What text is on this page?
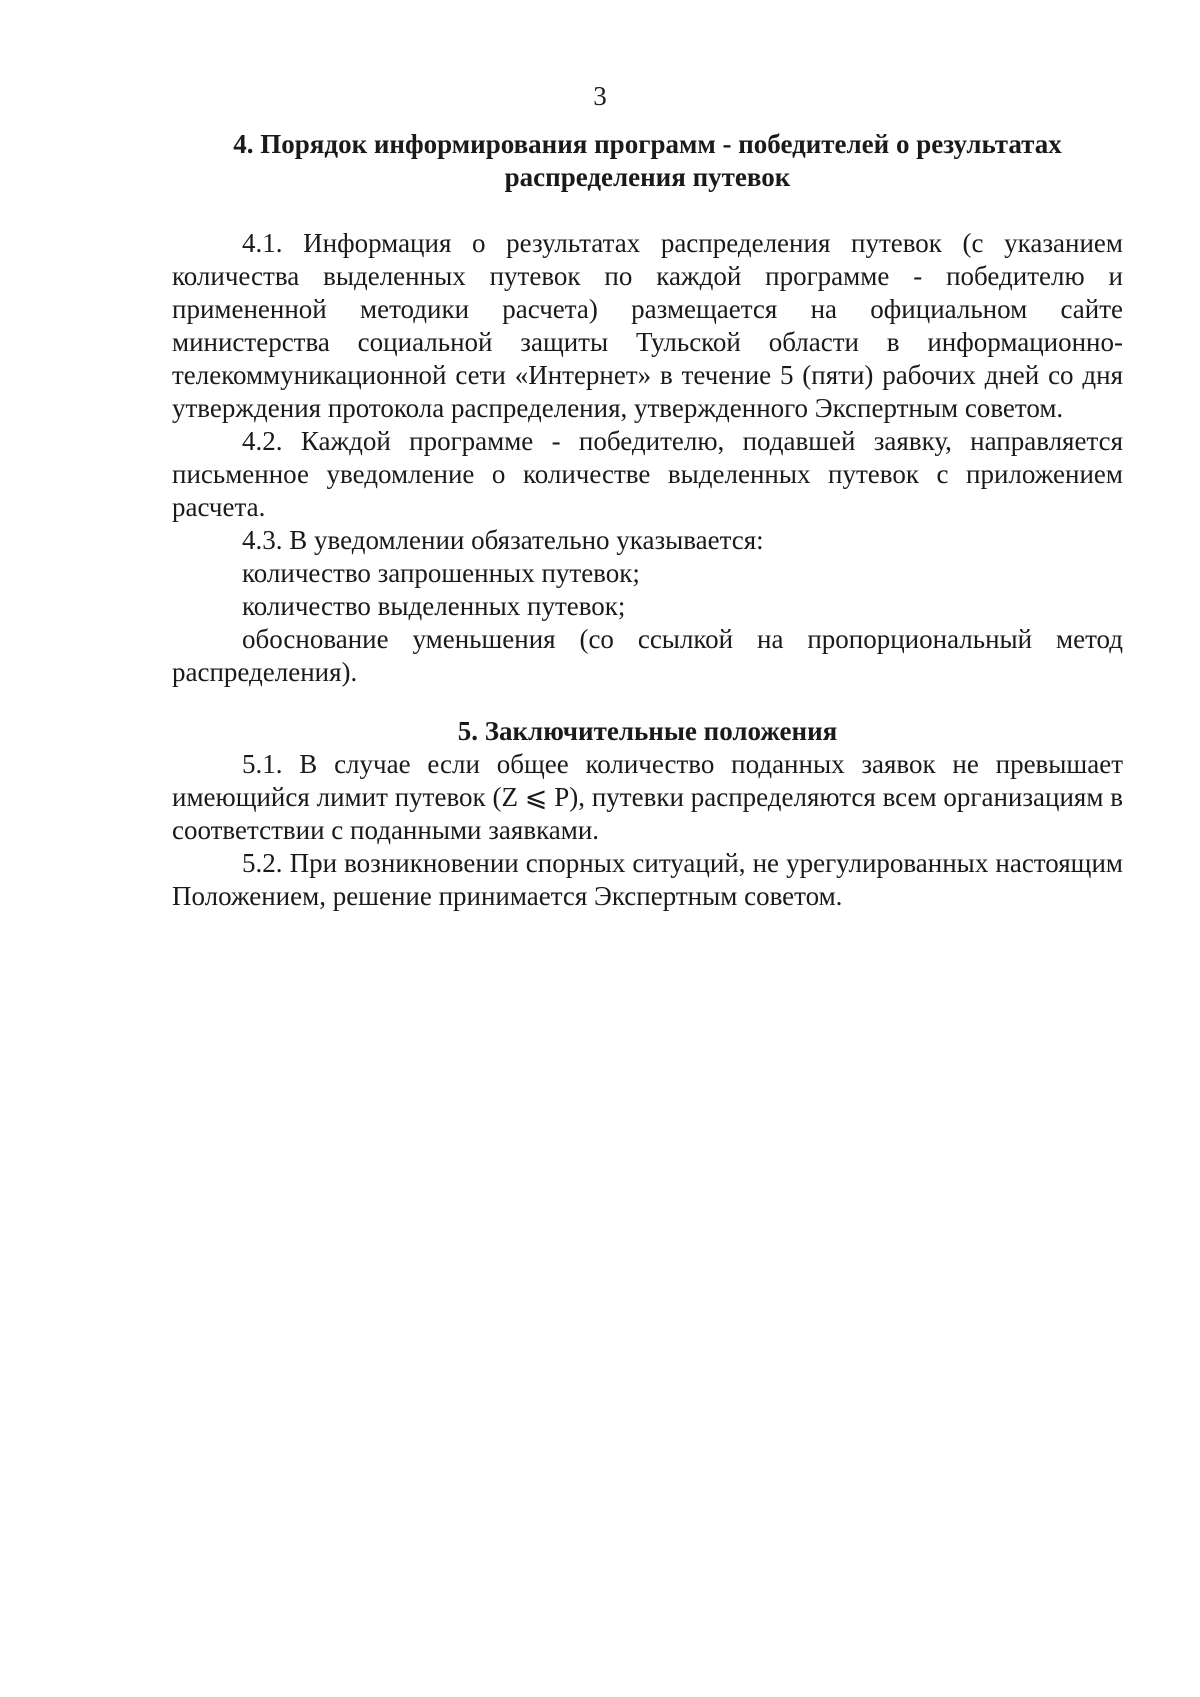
3
4. Порядок информирования программ - победителей о результатах
распределения путевок

4.1. Информация о результатах распределения путевок (с указанием количества выделенных путевок по каждой программе - победителю и примененной методики расчета) размещается на официальном сайте министерства социальной защиты Тульской области в информационно-телекоммуникационной сети «Интернет» в течение 5 (пяти) рабочих дней со дня утверждения протокола распределения, утвержденного Экспертным советом.

4.2. Каждой программе - победителю, подавшей заявку, направляется письменное уведомление о количестве выделенных путевок с приложением расчета.

4.3. В уведомлении обязательно указывается:

количество запрошенных путевок;

количество выделенных путевок;

обоснование уменьшения (со ссылкой на пропорциональный метод распределения).

5. Заключительные положения

5.1. В случае если общее количество поданных заявок не превышает имеющийся лимит путевок (Z ⩽ P), путевки распределяются всем организациям в соответствии с поданными заявками.

5.2. При возникновении спорных ситуаций, не урегулированных настоящим Положением, решение принимается Экспертным советом.
